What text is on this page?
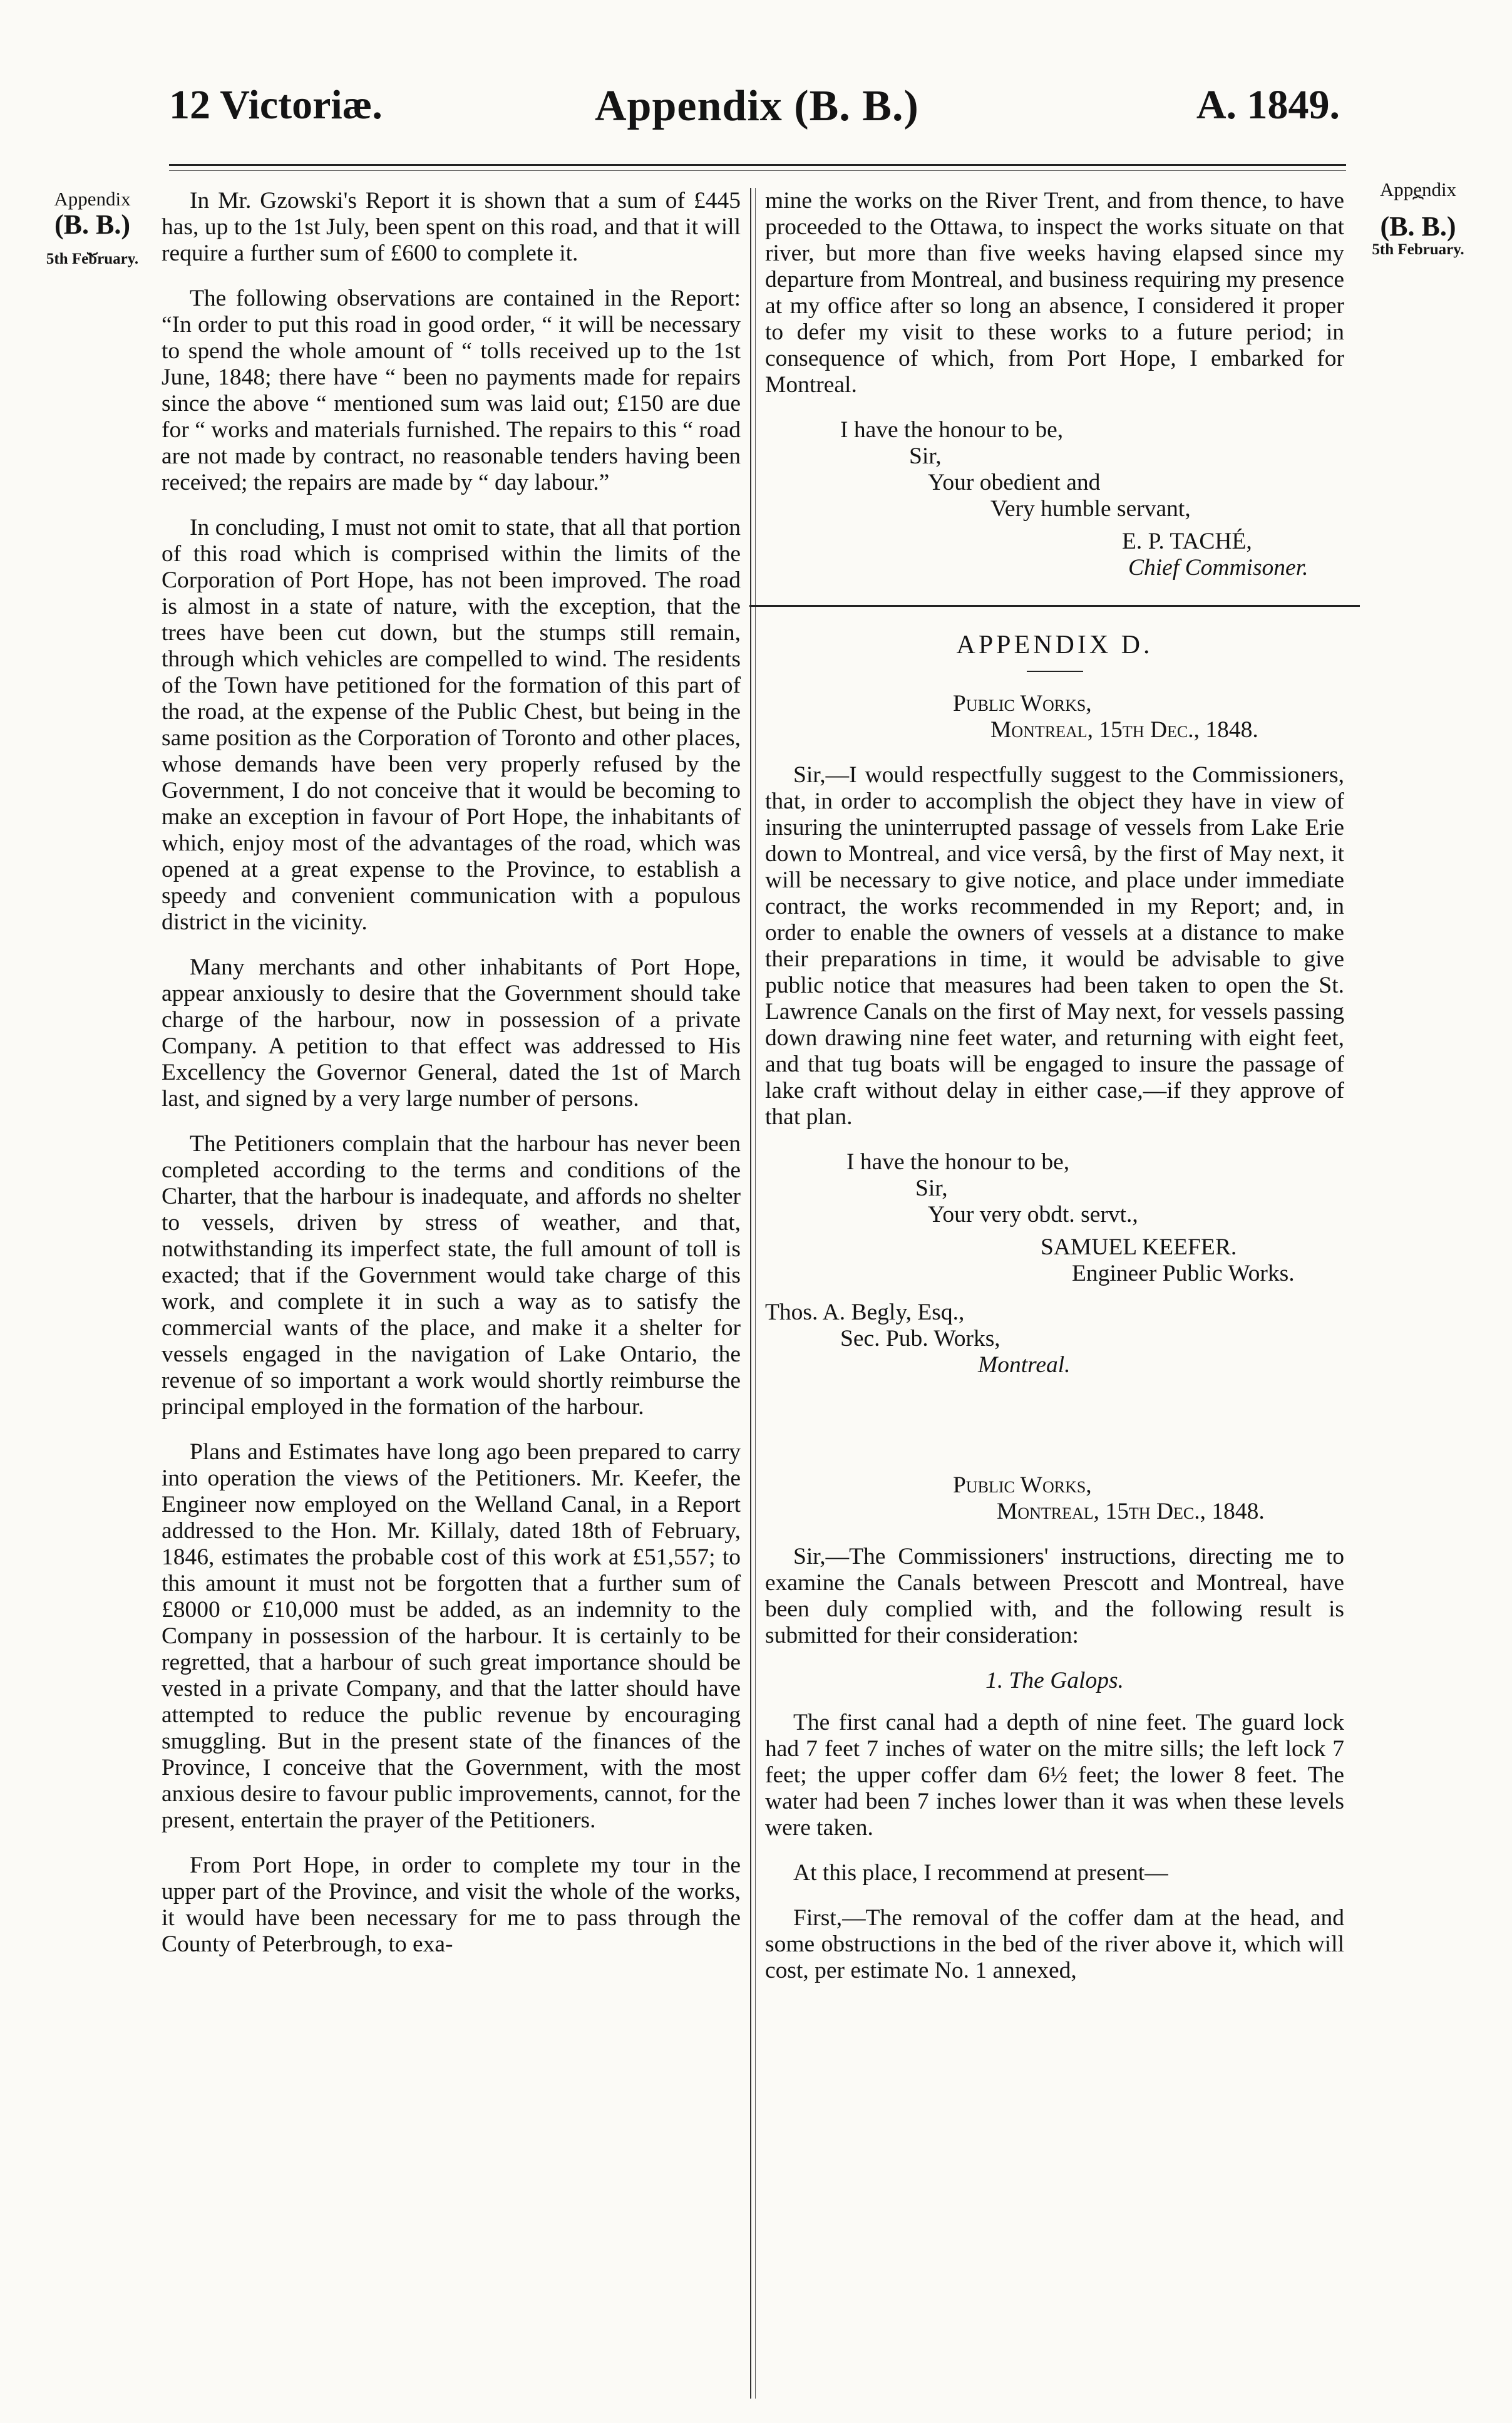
12 Victoriæ.	Appendix (B. B.)	A. 1849.
Appendix
(B. B.)
⏟
5th February.
Appendix
⏞
(B. B.)
5th February.

In Mr. Gzowski's Report it is shown that a sum of £445 has, up to the 1st July, been spent on this road, and that it will require a further sum of £600 to complete it.

The following observations are contained in the Report: “In order to put this road in good order, “ it will be necessary to spend the whole amount of “ tolls received up to the 1st June, 1848; there have “ been no payments made for repairs since the above “ mentioned sum was laid out; £150 are due for “ works and materials furnished. The repairs to this “ road are not made by contract, no reasonable tenders having been received; the repairs are made by “ day labour.”

In concluding, I must not omit to state, that all that portion of this road which is comprised within the limits of the Corporation of Port Hope, has not been improved. The road is almost in a state of nature, with the exception, that the trees have been cut down, but the stumps still remain, through which vehicles are compelled to wind. The residents of the Town have petitioned for the formation of this part of the road, at the expense of the Public Chest, but being in the same position as the Corporation of Toronto and other places, whose demands have been very properly refused by the Government, I do not conceive that it would be becoming to make an exception in favour of Port Hope, the inhabitants of which, enjoy most of the advantages of the road, which was opened at a great expense to the Province, to establish a speedy and convenient communication with a populous district in the vicinity.

Many merchants and other inhabitants of Port Hope, appear anxiously to desire that the Government should take charge of the harbour, now in possession of a private Company. A petition to that effect was addressed to His Excellency the Governor General, dated the 1st of March last, and signed by a very large number of persons.

The Petitioners complain that the harbour has never been completed according to the terms and conditions of the Charter, that the harbour is inadequate, and affords no shelter to vessels, driven by stress of weather, and that, notwithstanding its imperfect state, the full amount of toll is exacted; that if the Government would take charge of this work, and complete it in such a way as to satisfy the commercial wants of the place, and make it a shelter for vessels engaged in the navigation of Lake Ontario, the revenue of so important a work would shortly reimburse the principal employed in the formation of the harbour.

Plans and Estimates have long ago been prepared to carry into operation the views of the Petitioners. Mr. Keefer, the Engineer now employed on the Welland Canal, in a Report addressed to the Hon. Mr. Killaly, dated 18th of February, 1846, estimates the probable cost of this work at £51,557; to this amount it must not be forgotten that a further sum of £8000 or £10,000 must be added, as an indemnity to the Company in possession of the harbour. It is certainly to be regretted, that a harbour of such great importance should be vested in a private Company, and that the latter should have attempted to reduce the public revenue by encouraging smuggling. But in the present state of the finances of the Province, I conceive that the Government, with the most anxious desire to favour public improvements, cannot, for the present, entertain the prayer of the Petitioners.

From Port Hope, in order to complete my tour in the upper part of the Province, and visit the whole of the works, it would have been necessary for me to pass through the County of Peterbrough, to exa-

mine the works on the River Trent, and from thence, to have proceeded to the Ottawa, to inspect the works situate on that river, but more than five weeks having elapsed since my departure from Montreal, and business requiring my presence at my office after so long an absence, I considered it proper to defer my visit to these works to a future period; in consequence of which, from Port Hope, I embarked for Montreal.

I have the honour to be,
Sir,
Your obedient and
Very humble servant,
E. P. TACHÉ,
Chief Commisoner.
APPENDIX D.
Public Works,
Montreal, 15th Dec., 1848.

Sir,—I would respectfully suggest to the Commissioners, that, in order to accomplish the object they have in view of insuring the uninterrupted passage of vessels from Lake Erie down to Montreal, and vice versâ, by the first of May next, it will be necessary to give notice, and place under immediate contract, the works recommended in my Report; and, in order to enable the owners of vessels at a distance to make their preparations in time, it would be advisable to give public notice that measures had been taken to open the St. Lawrence Canals on the first of May next, for vessels passing down drawing nine feet water, and returning with eight feet, and that tug boats will be engaged to insure the passage of lake craft without delay in either case,—if they approve of that plan.

I have the honour to be,
Sir,
Your very obdt. servt.,
SAMUEL KEEFER.
Engineer Public Works.
Thos. A. Begly, Esq.,
Sec. Pub. Works,
Montreal.
Public Works,
Montreal, 15th Dec., 1848.

Sir,—The Commissioners' instructions, directing me to examine the Canals between Prescott and Montreal, have been duly complied with, and the following result is submitted for their consideration:

1. The Galops.

The first canal had a depth of nine feet. The guard lock had 7 feet 7 inches of water on the mitre sills; the left lock 7 feet; the upper coffer dam 6½ feet; the lower 8 feet. The water had been 7 inches lower than it was when these levels were taken.

At this place, I recommend at present—

First,—The removal of the coffer dam at the head, and some obstructions in the bed of the river above it, which will cost, per estimate No. 1 annexed,
